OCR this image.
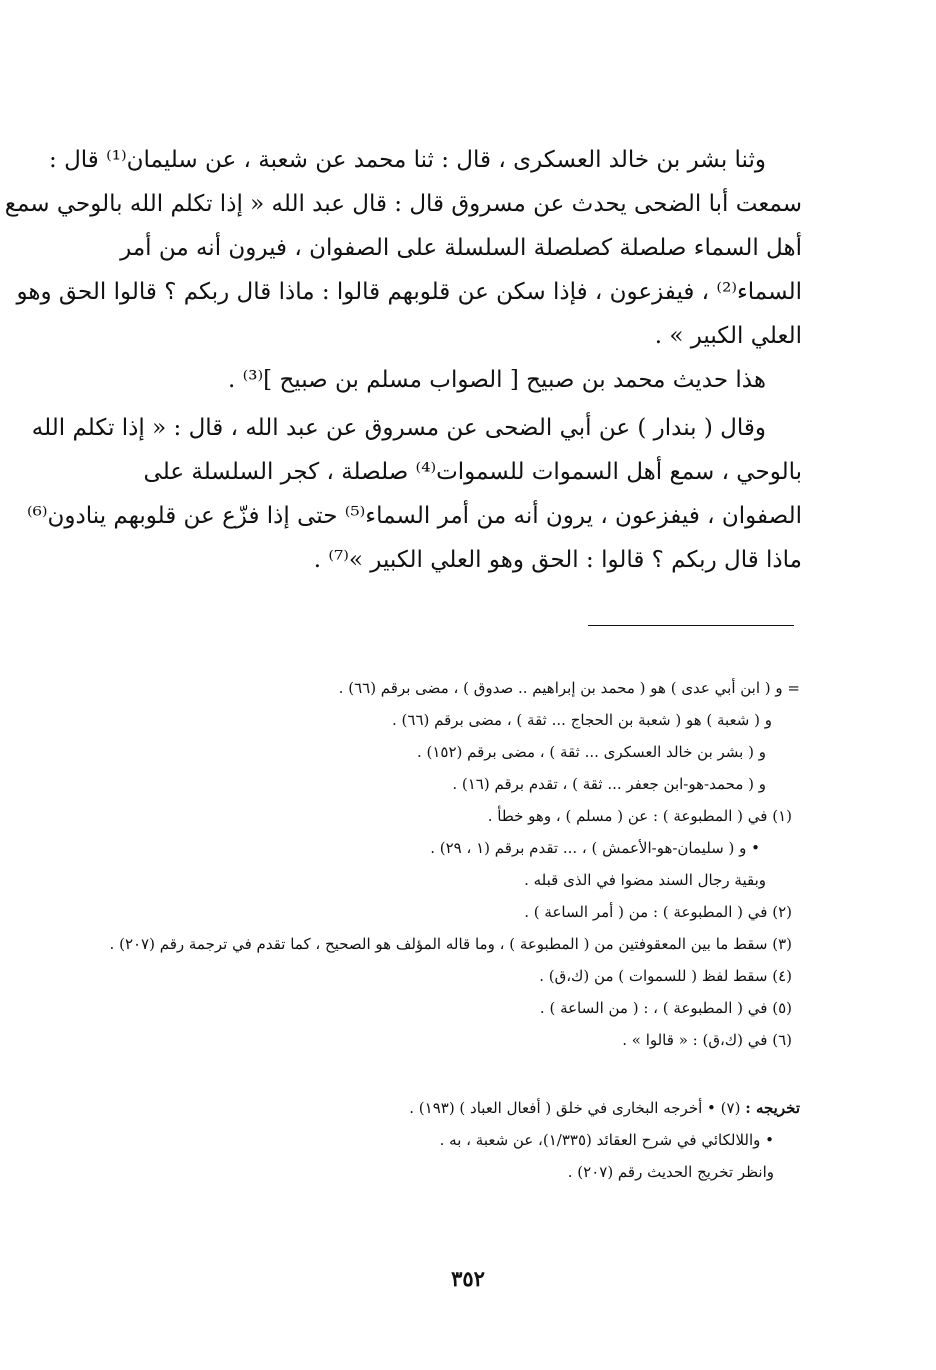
وثنا بشر بن خالد العسكرى ، قال : ثنا محمد عن شعبة ، عن سليمان⁽¹⁾ قال :
سمعت أبا الضحى يحدث عن مسروق قال : قال عبد الله « إذا تكلم الله بالوحي سمع
أهل السماء صلصلة كصلصلة السلسلة على الصفوان ، فيرون أنه من أمر
السماء⁽²⁾ ، فيفزعون ، فإذا سكن عن قلوبهم قالوا : ماذا قال ربكم ؟ قالوا الحق وهو
العلي الكبير » .
هذا حديث محمد بن صبيح [ الصواب مسلم بن صبيح ]⁽³⁾ .
وقال ( بندار ) عن أبي الضحى عن مسروق عن عبد الله ، قال : « إذا تكلم الله
بالوحي ، سمع أهل السموات للسموات⁽⁴⁾ صلصلة ، كجر السلسلة على
الصفوان ، فيفزعون ، يرون أنه من أمر السماء⁽⁵⁾ حتى إذا فزّع عن قلوبهم ينادون⁽⁶⁾
ماذا قال ربكم ؟ قالوا : الحق وهو العلي الكبير »⁽⁷⁾ .
= و ( ابن أبي عدى ) هو ( محمد بن إبراهيم .. صدوق ) ، مضى برقم (٦٦) .
و ( شعبة ) هو ( شعبة بن الحجاج ... ثقة ) ، مضى برقم (٦٦) .
و ( بشر بن خالد العسكرى ... ثقة ) ، مضى برقم (١٥٢) .
و ( محمد-هو-ابن جعفر ... ثقة ) ، تقدم برقم (١٦) .
(١) في ( المطبوعة ) : عن ( مسلم ) ، وهو خطأ .
• و ( سليمان-هو-الأعمش ) ، ... تقدم برقم (١ ، ٢٩) .
وبقية رجال السند مضوا في الذى قبله .
(٢) في ( المطبوعة ) : من ( أمر الساعة ) .
(٣) سقط ما بين المعقوفتين من ( المطبوعة ) ، وما قاله المؤلف هو الصحيح ، كما تقدم في ترجمة رقم (٢٠٧) .
(٤) سقط لفظ ( للسموات ) من (ك،ق) .
(٥) في ( المطبوعة ) ، : ( من الساعة ) .
(٦) في (ك،ق) : « قالوا » .
تخريجه : (٧) • أخرجه البخارى في خلق ( أفعال العباد ) (١٩٣) .
• واللالكائي في شرح العقائد (١/٣٣٥)، عن شعبة ، به .
وانظر تخريج الحديث رقم (٢٠٧) .
٣٥٢
